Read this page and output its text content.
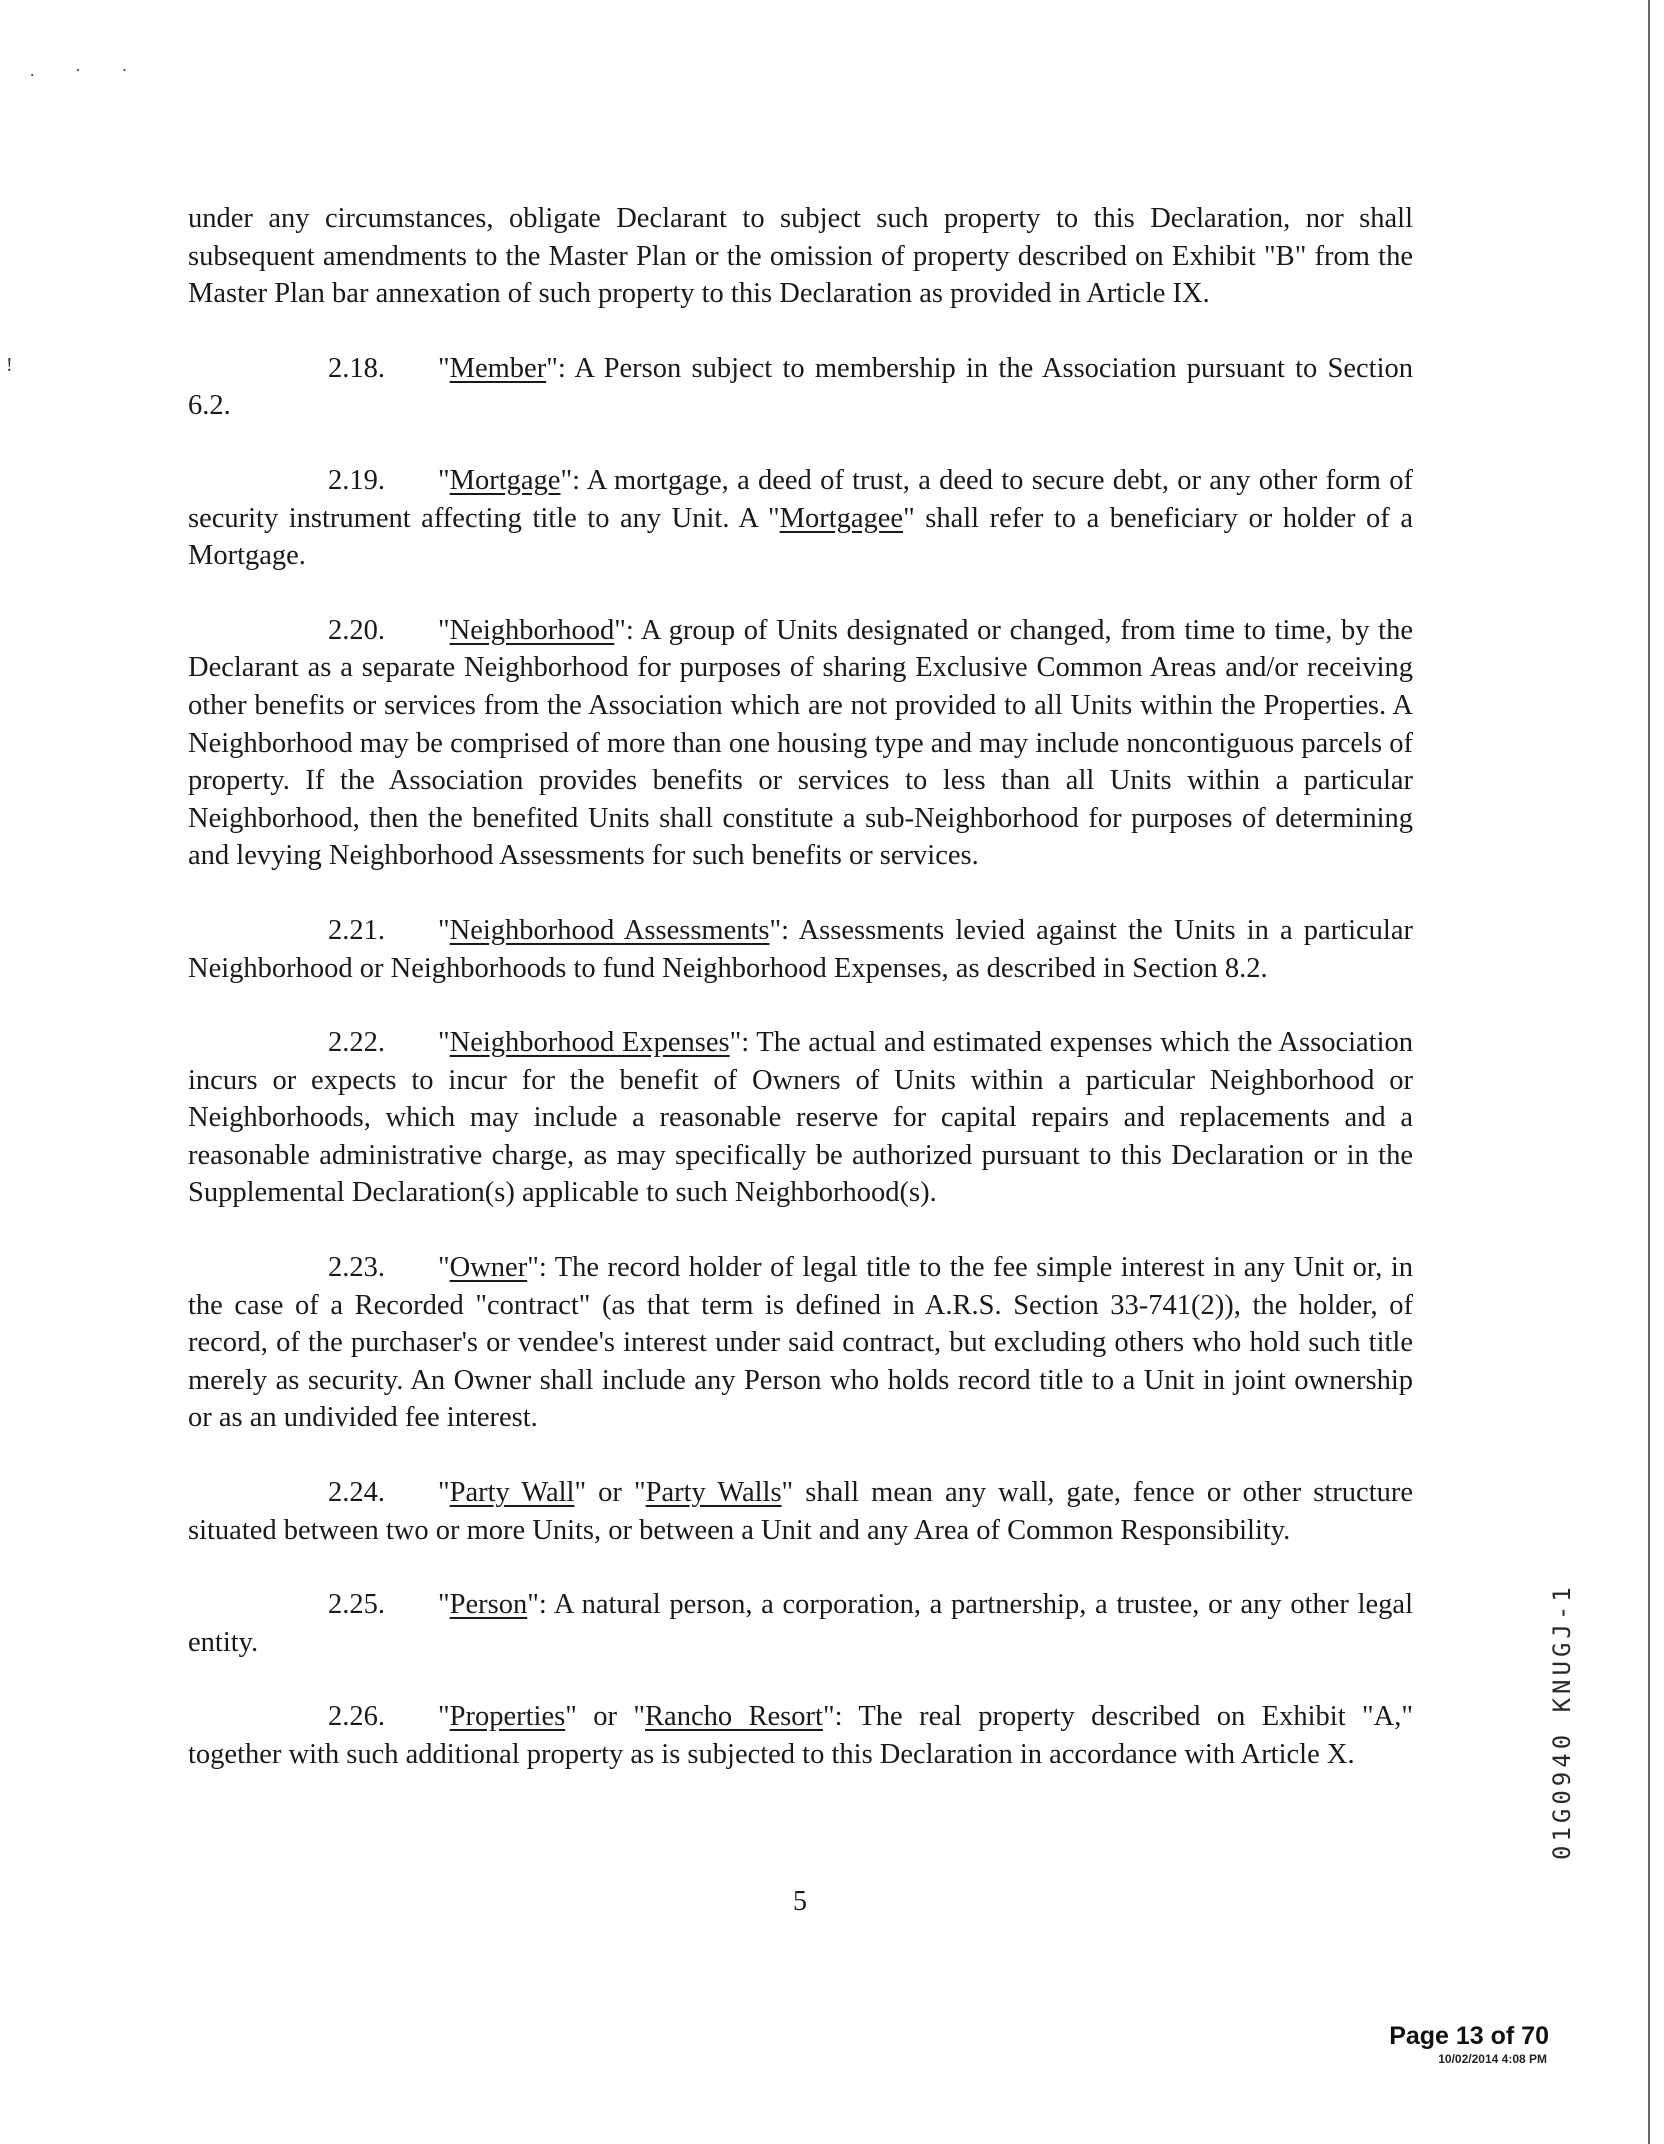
. · ·
!

under any circumstances, obligate Declarant to subject such property to this Declaration, nor shall subsequent amendments to the Master Plan or the omission of property described on Exhibit "B" from the Master Plan bar annexation of such property to this Declaration as provided in Article IX.

2.18. "Member": A Person subject to membership in the Association pursuant to Section 6.2.

2.19. "Mortgage": A mortgage, a deed of trust, a deed to secure debt, or any other form of security instrument affecting title to any Unit. A "Mortgagee" shall refer to a beneficiary or holder of a Mortgage.

2.20. "Neighborhood": A group of Units designated or changed, from time to time, by the Declarant as a separate Neighborhood for purposes of sharing Exclusive Common Areas and/or receiving other benefits or services from the Association which are not provided to all Units within the Properties. A Neighborhood may be comprised of more than one housing type and may include noncontiguous parcels of property. If the Association provides benefits or services to less than all Units within a particular Neighborhood, then the benefited Units shall constitute a sub-Neighborhood for purposes of determining and levying Neighborhood Assessments for such benefits or services.

2.21. "Neighborhood Assessments": Assessments levied against the Units in a particular Neighborhood or Neighborhoods to fund Neighborhood Expenses, as described in Section 8.2.

2.22. "Neighborhood Expenses": The actual and estimated expenses which the Association incurs or expects to incur for the benefit of Owners of Units within a particular Neighborhood or Neighborhoods, which may include a reasonable reserve for capital repairs and replacements and a reasonable administrative charge, as may specifically be authorized pursuant to this Declaration or in the Supplemental Declaration(s) applicable to such Neighborhood(s).

2.23. "Owner": The record holder of legal title to the fee simple interest in any Unit or, in the case of a Recorded "contract" (as that term is defined in A.R.S. Section 33-741(2)), the holder, of record, of the purchaser's or vendee's interest under said contract, but excluding others who hold such title merely as security. An Owner shall include any Person who holds record title to a Unit in joint ownership or as an undivided fee interest.

2.24. "Party Wall" or "Party Walls" shall mean any wall, gate, fence or other structure situated between two or more Units, or between a Unit and any Area of Common Responsibility.

2.25. "Person": A natural person, a corporation, a partnership, a trustee, or any other legal entity.

2.26. "Properties" or "Rancho Resort": The real property described on Exhibit "A," together with such additional property as is subjected to this Declaration in accordance with Article X.	01G0940 KNUGJ-1
5
Page 13 of 70
10/02/2014 4:08 PM
